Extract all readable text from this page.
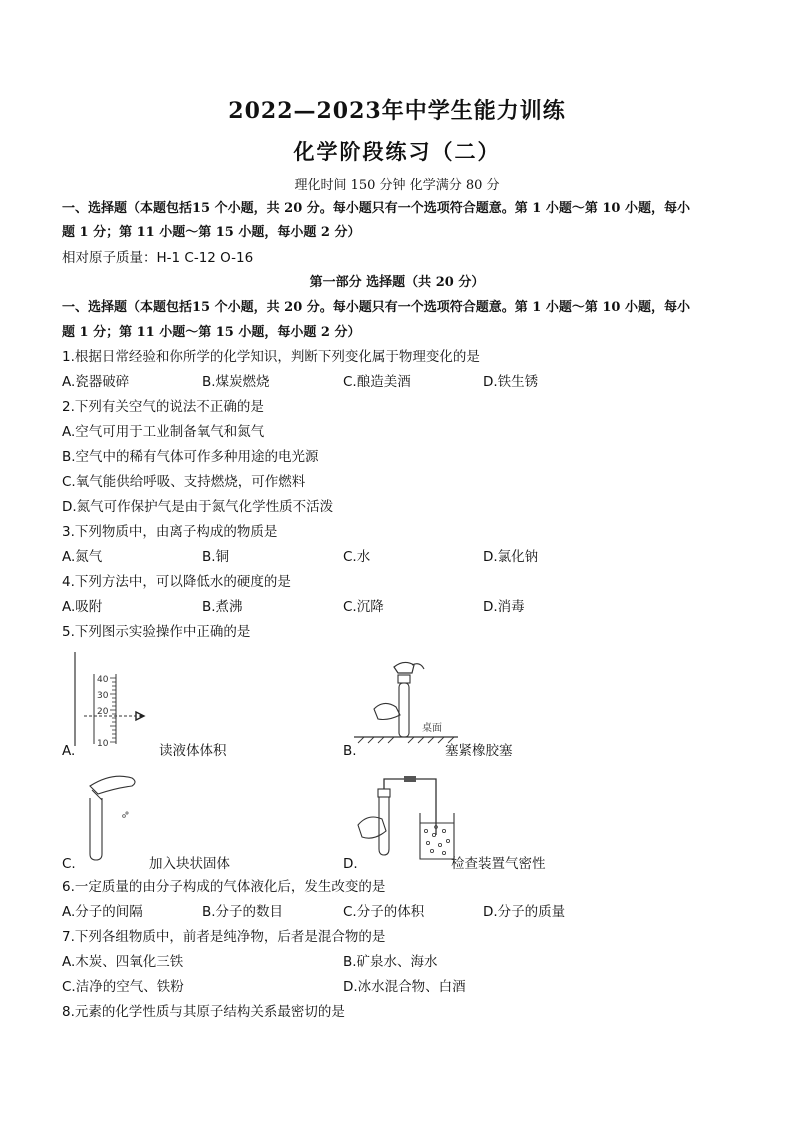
2022—2023年中学生能力训练
化学阶段练习（二）
理化时间 150 分钟 化学满分 80 分
一、选择题（本题包括15 个小题，共 20 分。每小题只有一个选项符合题意。第 1 小题～第 10 小题，每小
题 1 分；第 11 小题～第 15 小题，每小题 2 分）
相对原子质量：H-1 C-12 O-16
第一部分 选择题（共 20 分）
一、选择题（本题包括15 个小题，共 20 分。每小题只有一个选项符合题意。第 1 小题～第 10 小题，每小
题 1 分；第 11 小题～第 15 小题，每小题 2 分）
1.根据日常经验和你所学的化学知识，判断下列变化属于物理变化的是
A.瓷器破碎	B.煤炭燃烧	C.酿造美酒	D.铁生锈
2.下列有关空气的说法不正确的是
A.空气可用于工业制备氧气和氮气
B.空气中的稀有气体可作多种用途的电光源
C.氧气能供给呼吸、支持燃烧，可作燃料
D.氮气可作保护气是由于氮气化学性质不活泼
3.下列物质中，由离子构成的物质是
A.氮气	B.铜	C.水	D.氯化钠
4.下列方法中，可以降低水的硬度的是
A.吸附	B.煮沸	C.沉降	D.消毒
5.下列图示实验操作中正确的是
40
30
20
10
A.	读液体体积
桌面
B.	塞紧橡胶塞
C.	加入块状固体	D.	检查装置气密性
6.一定质量的由分子构成的气体液化后，发生改变的是
A.分子的间隔	B.分子的数目	C.分子的体积	D.分子的质量
7.下列各组物质中，前者是纯净物，后者是混合物的是
A.木炭、四氧化三铁	B.矿泉水、海水
C.洁净的空气、铁粉	D.冰水混合物、白酒
8.元素的化学性质与其原子结构关系最密切的是
